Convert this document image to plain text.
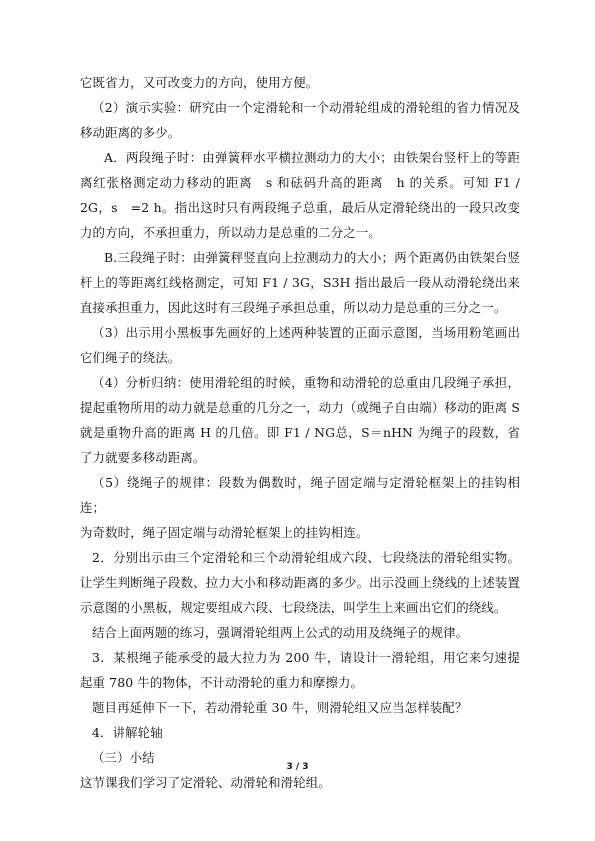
它既省力，又可改变力的方向，使用方便。

（2）演示实验：研究由一个定滑轮和一个动滑轮组成的滑轮组的省力情况及移动距离的多少。

A．两段绳子时：由弹簧秤水平横拉测动力的大小；由铁架台竖杆上的等距离红张格测定动力移动的距离　s 和砝码升高的距离　h 的关系。可知 F1 / 2G，s　=2 h。指出这时只有两段绳子总重，最后从定滑轮绕出的一段只改变力的方向，不承担重力，所以动力是总重的二分之一。

B.三段绳子时：由弹簧秤竖直向上拉测动力的大小；两个距离仍由铁架台竖杆上的等距离红线格测定，可知 F1 / 3G，S3H 指出最后一段从动滑轮绕出来直接承担重力，因此这时有三段绳子承担总重，所以动力是总重的三分之一。

（3）出示用小黑板事先画好的上述两种装置的正面示意图，当场用粉笔画出它们绳子的绕法。

（4）分析归纳：使用滑轮组的时候，重物和动滑轮的总重由几段绳子承担，提起重物所用的动力就是总重的几分之一，动力（或绳子自由端）移动的距离 S 就是重物升高的距离 H 的几倍。即 F1 / NG总，S＝nHN 为绳子的段数，省了力就要多移动距离。

（5）绕绳子的规律：段数为偶数时，绳子固定端与定滑轮框架上的挂钩相连；

为奇数时，绳子固定端与动滑轮框架上的挂钩相连。

2．分别出示由三个定滑轮和三个动滑轮组成六段、七段绕法的滑轮组实物。让学生判断绳子段数、拉力大小和移动距离的多少。出示没画上绕线的上述装置示意图的小黑板，规定要组成六段、七段绕法，叫学生上来画出它们的绕线。

结合上面两题的练习，强调滑轮组两上公式的动用及绕绳子的规律。

3．某根绳子能承受的最大拉力为 200 牛，请设计一滑轮组，用它来匀速提起重 780 牛的物体，不计动滑轮的重力和摩擦力。

题目再延伸下一下，若动滑轮重 30 牛，则滑轮组又应当怎样装配？

4．讲解轮轴

（三）小结

这节课我们学习了定滑轮、动滑轮和滑轮组。

3 / 3
